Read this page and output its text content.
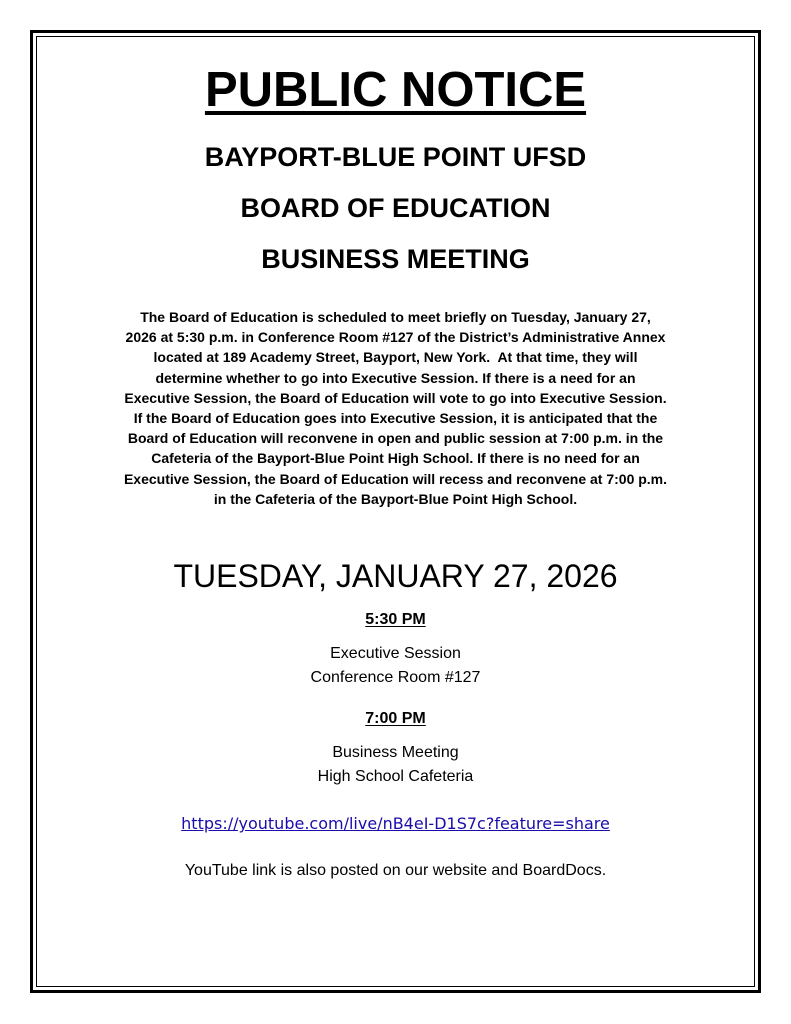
PUBLIC NOTICE
BAYPORT-BLUE POINT UFSD
BOARD OF EDUCATION
BUSINESS MEETING
The Board of Education is scheduled to meet briefly on Tuesday, January 27,
2026 at 5:30 p.m. in Conference Room #127 of the District’s Administrative Annex
located at 189 Academy Street, Bayport, New York.  At that time, they will
determine whether to go into Executive Session. If there is a need for an
Executive Session, the Board of Education will vote to go into Executive Session.
If the Board of Education goes into Executive Session, it is anticipated that the
Board of Education will reconvene in open and public session at 7:00 p.m. in the
Cafeteria of the Bayport-Blue Point High School. If there is no need for an
Executive Session, the Board of Education will recess and reconvene at 7:00 p.m.
in the Cafeteria of the Bayport-Blue Point High School.
TUESDAY, JANUARY 27, 2026
5:30 PM
Executive Session
Conference Room #127
7:00 PM
Business Meeting
High School Cafeteria
https://youtube.com/live/nB4eI-D1S7c?feature=share
YouTube link is also posted on our website and BoardDocs.
